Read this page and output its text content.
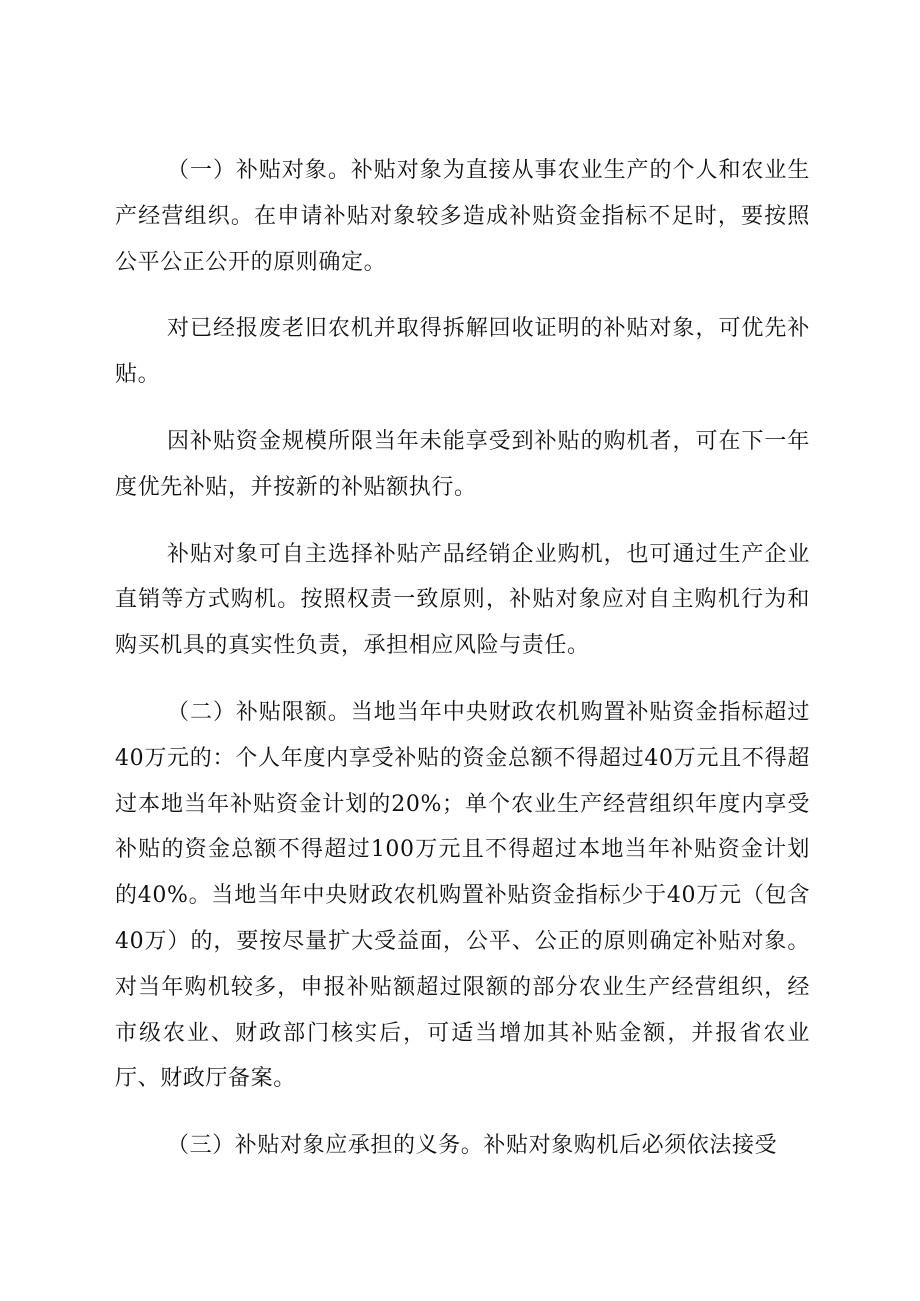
（一）补贴对象。补贴对象为直接从事农业生产的个人和农业生产经营组织。在申请补贴对象较多造成补贴资金指标不足时，要按照公平公正公开的原则确定。

对已经报废老旧农机并取得拆解回收证明的补贴对象，可优先补贴。

因补贴资金规模所限当年未能享受到补贴的购机者，可在下一年度优先补贴，并按新的补贴额执行。

补贴对象可自主选择补贴产品经销企业购机，也可通过生产企业直销等方式购机。按照权责一致原则，补贴对象应对自主购机行为和购买机具的真实性负责，承担相应风险与责任。

（二）补贴限额。当地当年中央财政农机购置补贴资金指标超过40万元的：个人年度内享受补贴的资金总额不得超过40万元且不得超过本地当年补贴资金计划的20%；单个农业生产经营组织年度内享受补贴的资金总额不得超过100万元且不得超过本地当年补贴资金计划的40%。当地当年中央财政农机购置补贴资金指标少于40万元（包含40万）的，要按尽量扩大受益面，公平、公正的原则确定补贴对象。对当年购机较多，申报补贴额超过限额的部分农业生产经营组织，经市级农业、财政部门核实后，可适当增加其补贴金额，并报省农业厅、财政厅备案。

（三）补贴对象应承担的义务。补贴对象购机后必须依法接受
